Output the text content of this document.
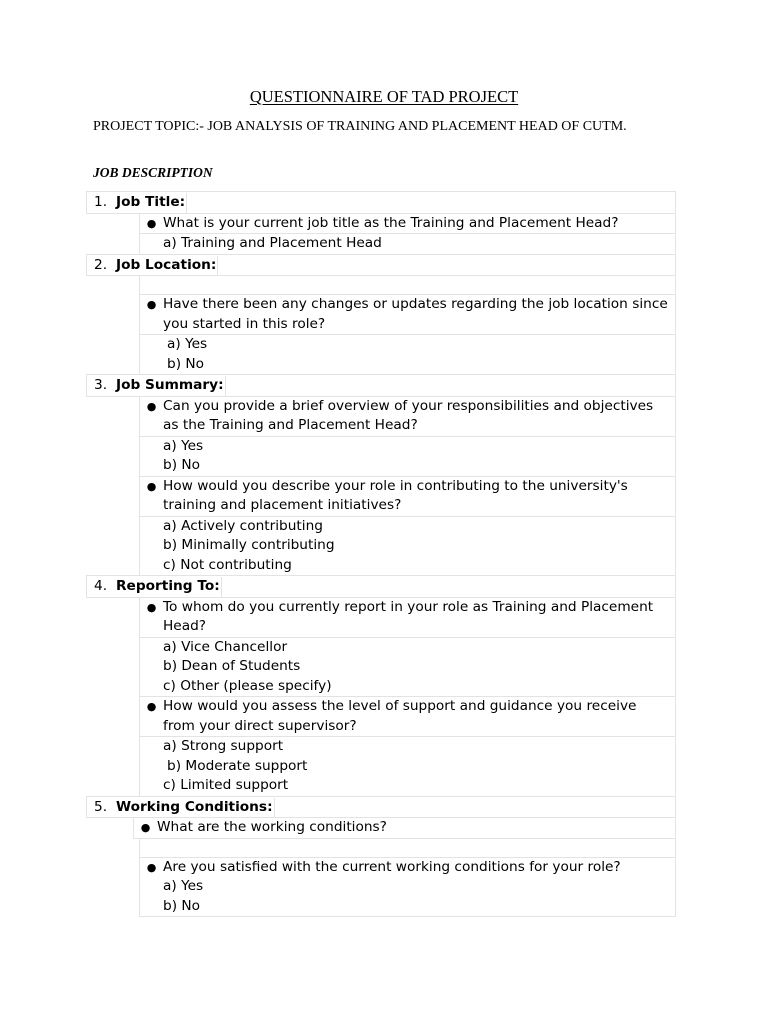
QUESTIONNAIRE OF TAD PROJECT
PROJECT TOPIC:- JOB ANALYSIS OF TRAINING AND PLACEMENT HEAD OF CUTM.
JOB DESCRIPTION
1. Job Title:
● What is your current job title as the Training and Placement Head?
a) Training and Placement Head
2. Job Location:
● Have there been any changes or updates regarding the job location since you started in this role?
a) Yes
b) No
3. Job Summary:
● Can you provide a brief overview of your responsibilities and objectives as the Training and Placement Head?
a) Yes
b) No
● How would you describe your role in contributing to the university's training and placement initiatives?
a) Actively contributing
b) Minimally contributing
c) Not contributing
4. Reporting To:
● To whom do you currently report in your role as Training and Placement Head?
a) Vice Chancellor
b) Dean of Students
c) Other (please specify)
● How would you assess the level of support and guidance you receive from your direct supervisor?
a) Strong support
b) Moderate support
c) Limited support
5. Working Conditions:
● What are the working conditions?
● Are you satisfied with the current working conditions for your role?
a) Yes
b) No
